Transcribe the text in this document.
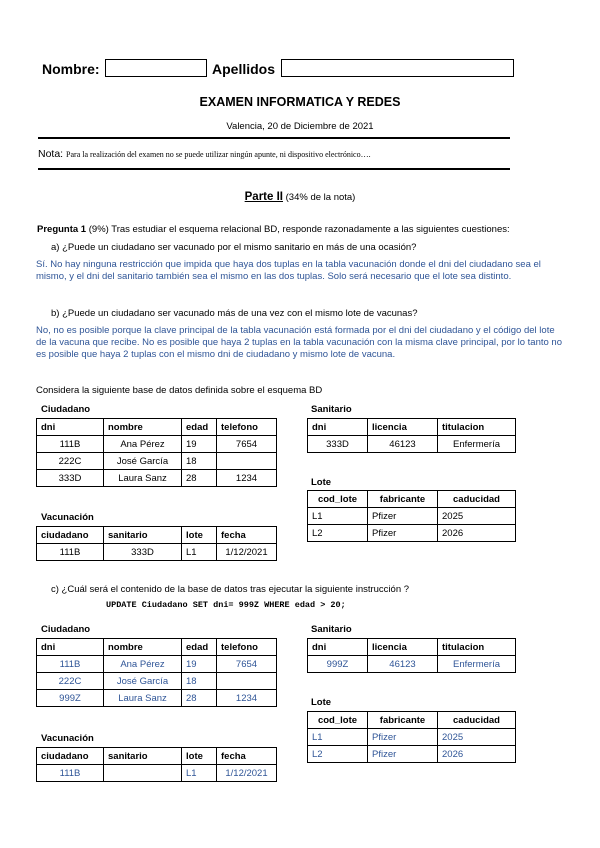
Nombre:	Apellidos
EXAMEN INFORMATICA Y REDES
Valencia, 20 de Diciembre de 2021
Nota: Para la realización del examen no se puede utilizar ningún apunte, ni dispositivo electrónico….
Parte II (34% de la nota)
Pregunta 1 (9%) Tras estudiar el esquema relacional BD, responde razonadamente a las siguientes cuestiones:
a) ¿Puede un ciudadano ser vacunado por el mismo sanitario en más de una ocasión?
Sí. No hay ninguna restricción que impida que haya dos tuplas en la tabla vacunación donde el dni del ciudadano sea el mismo, y el dni del sanitario también sea el mismo en las dos tuplas. Solo será necesario que el lote sea distinto.
b) ¿Puede un ciudadano ser vacunado más de una vez con el mismo lote de vacunas?
No, no es posible porque la clave principal de la tabla vacunación está formada por el dni del ciudadano y el código del lote de la vacuna que recibe. No es posible que haya 2 tuplas en la tabla vacunación con la misma clave principal, por lo tanto no es posible que haya 2 tuplas con el mismo dni de ciudadano y mismo lote de vacuna.
Considera la siguiente base de datos definida sobre el esquema BD
Ciudadano
dni	nombre	edad	telefono
111B	Ana Pérez	19	7654
222C	José García	18	
333D	Laura Sanz	28	1234
Sanitario
dni	licencia	titulacion
333D	46123	Enfermería
Lote
cod_lote	fabricante	caducidad
L1	Pfizer	2025
L2	Pfizer	2026
Vacunación
ciudadano	sanitario	lote	fecha
111B	333D	L1	1/12/2021
c) ¿Cuál será el contenido de la base de datos tras ejecutar la siguiente instrucción ?
UPDATE Ciudadano SET dni= 999Z WHERE edad > 20;
Ciudadano
dni	nombre	edad	telefono
111B	Ana Pérez	19	7654
222C	José García	18	
999Z	Laura Sanz	28	1234
Sanitario
dni	licencia	titulacion
999Z	46123	Enfermería
Lote
cod_lote	fabricante	caducidad
L1	Pfizer	2025
L2	Pfizer	2026
Vacunación
ciudadano	sanitario	lote	fecha
111B		L1	1/12/2021
